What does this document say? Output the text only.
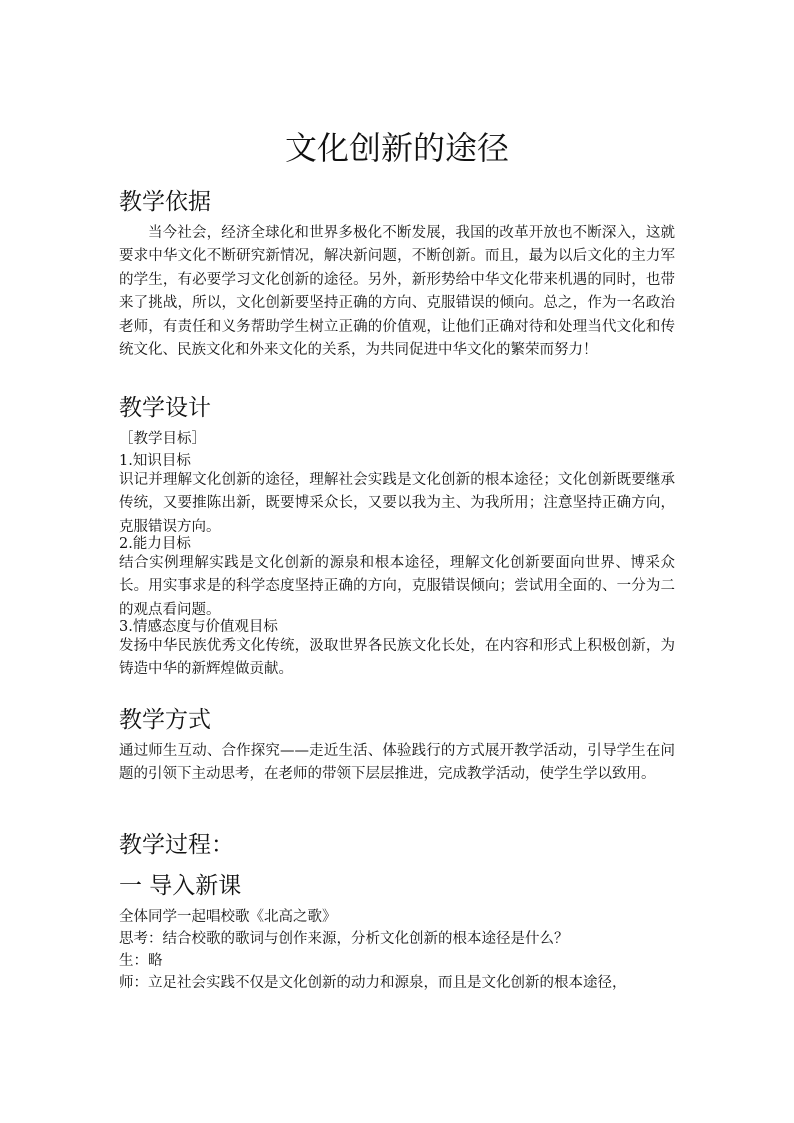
文化创新的途径
教学依据

当今社会，经济全球化和世界多极化不断发展，我国的改革开放也不断深入，这就要求中华文化不断研究新情况，解决新问题，不断创新。而且，最为以后文化的主力军的学生，有必要学习文化创新的途径。另外，新形势给中华文化带来机遇的同时，也带来了挑战，所以，文化创新要坚持正确的方向、克服错误的倾向。总之，作为一名政治老师，有责任和义务帮助学生树立正确的价值观，让他们正确对待和处理当代文化和传统文化、民族文化和外来文化的关系，为共同促进中华文化的繁荣而努力！

教学设计

［教学目标］

1.知识目标

识记并理解文化创新的途径，理解社会实践是文化创新的根本途径；文化创新既要继承传统，又要推陈出新，既要博采众长，又要以我为主、为我所用；注意坚持正确方向，克服错误方向。

2.能力目标

结合实例理解实践是文化创新的源泉和根本途径，理解文化创新要面向世界、博采众长。用实事求是的科学态度坚持正确的方向，克服错误倾向；尝试用全面的、一分为二的观点看问题。

3.情感态度与价值观目标

发扬中华民族优秀文化传统，汲取世界各民族文化长处，在内容和形式上积极创新，为铸造中华的新辉煌做贡献。

教学方式

通过师生互动、合作探究——走近生活、体验践行的方式展开教学活动，引导学生在问题的引领下主动思考，在老师的带领下层层推进，完成教学活动，使学生学以致用。

教学过程：
一 导入新课

全体同学一起唱校歌《北高之歌》

思考：结合校歌的歌词与创作来源，分析文化创新的根本途径是什么？

生：略

师：立足社会实践不仅是文化创新的动力和源泉，而且是文化创新的根本途径，
